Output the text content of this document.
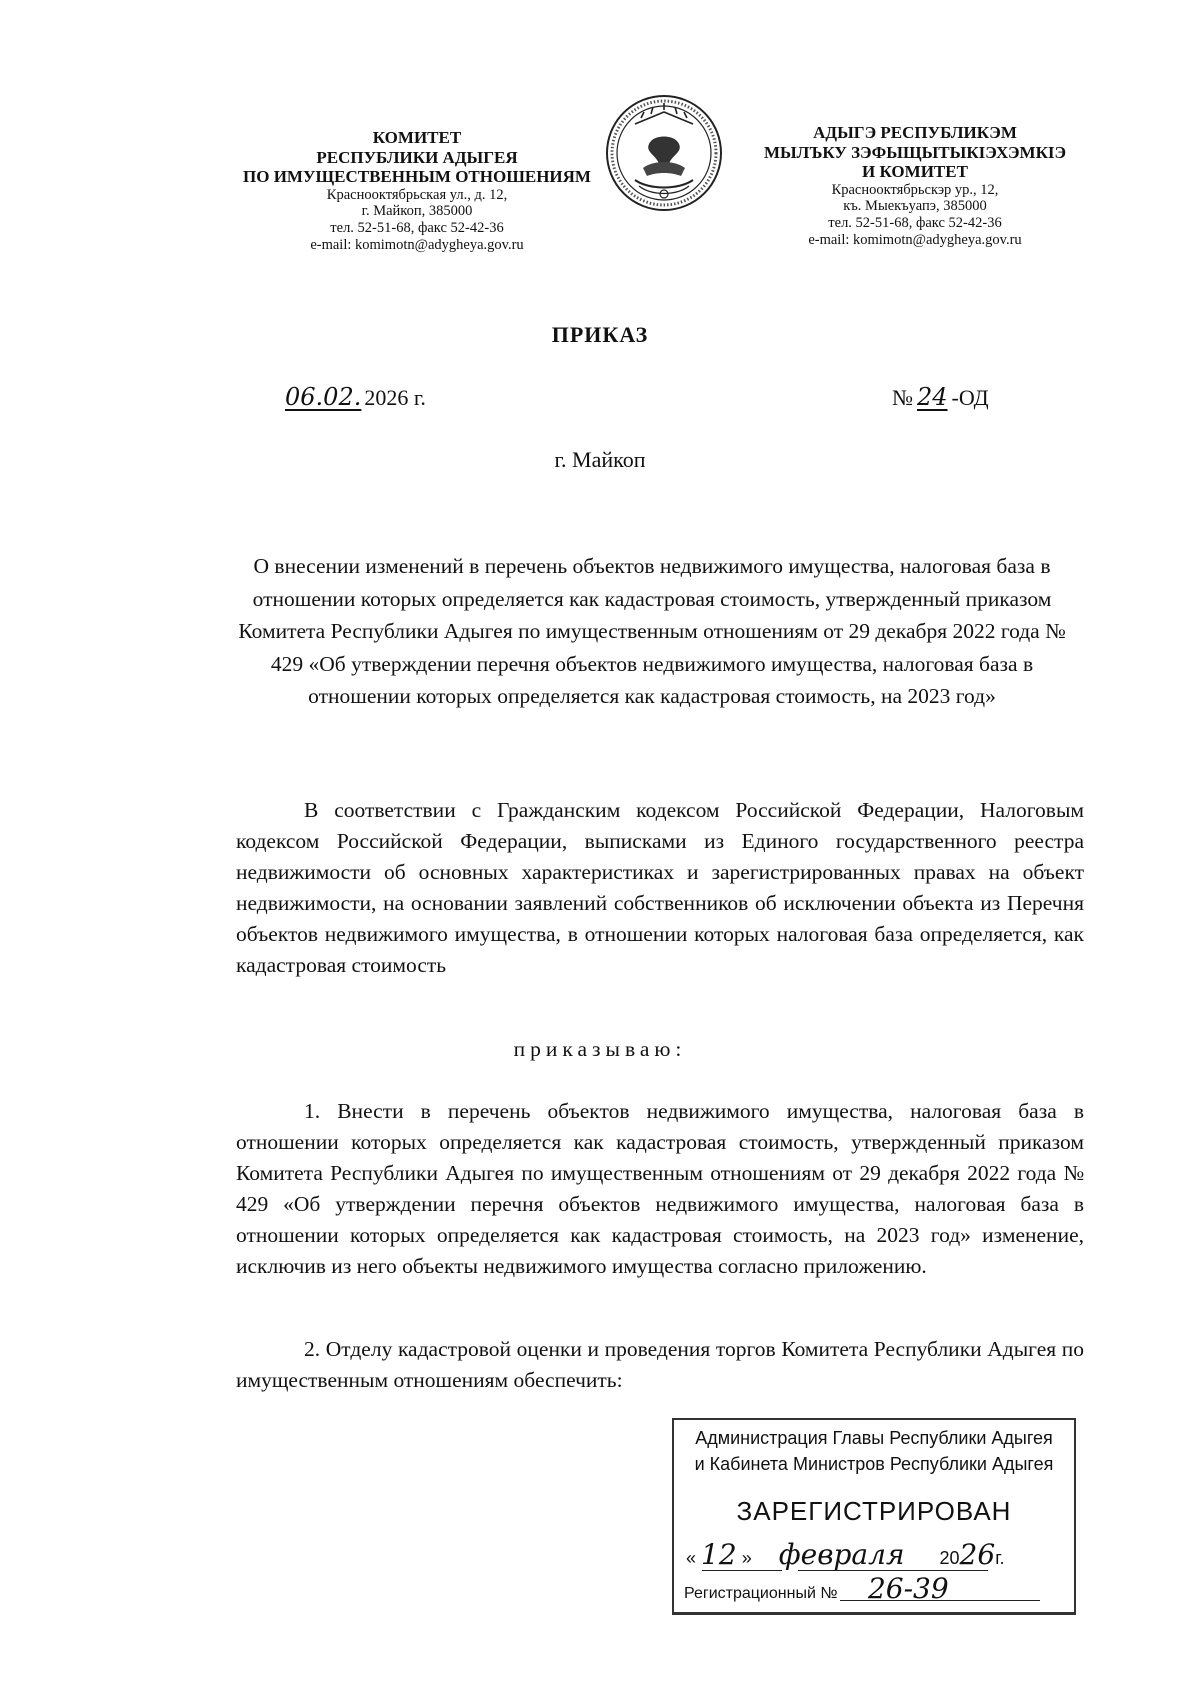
КОМИТЕТ
РЕСПУБЛИКИ АДЫГЕЯ
ПО ИМУЩЕСТВЕННЫМ ОТНОШЕНИЯМ
Краснооктябрьская ул., д. 12,
г. Майкоп, 385000
тел. 52-51-68, факс 52-42-36
e-mail: komimotn@adygheya.gov.ru
АДЫГЭ РЕСПУБЛИКЭМ
МЫЛЪКУ ЗЭФЫЩЫТЫКІЭХЭМКІЭ
И КОМИТЕТ
Краснооктябрьскэр ур., 12,
къ. Мыекъуапэ, 385000
тел. 52-51-68, факс 52-42-36
e-mail: komimotn@adygheya.gov.ru
ПРИКАЗ
06.02. 2026 г.	№ 24 -ОД
г. Майкоп
О внесении изменений в перечень объектов недвижимого имущества, налоговая база в отношении которых определяется как кадастровая стоимость, утвержденный приказом Комитета Республики Адыгея по имущественным отношениям от 29 декабря 2022 года № 429 «Об утверждении перечня объектов недвижимого имущества, налоговая база в отношении которых определяется как кадастровая стоимость, на 2023 год»
В соответствии с Гражданским кодексом Российской Федерации, Налоговым кодексом Российской Федерации, выписками из Единого государственного реестра недвижимости об основных характеристиках и зарегистрированных правах на объект недвижимости, на основании заявлений собственников об исключении объекта из Перечня объектов недвижимого имущества, в отношении которых налоговая база определяется, как кадастровая стоимость
приказываю:
1. Внести в перечень объектов недвижимого имущества, налоговая база в отношении которых определяется как кадастровая стоимость, утвержденный приказом Комитета Республики Адыгея по имущественным отношениям от 29 декабря 2022 года № 429 «Об утверждении перечня объектов недвижимого имущества, налоговая база в отношении которых определяется как кадастровая стоимость, на 2023 год» изменение, исключив из него объекты недвижимого имущества согласно приложению.
2. Отделу кадастровой оценки и проведения торгов Комитета Республики Адыгея по имущественным отношениям обеспечить:
Администрация Главы Республики Адыгея
и Кабинета Министров Республики Адыгея
ЗАРЕГИСТРИРОВАН
« 12 » февраля 2026г.
Регистрационный № 26-39
